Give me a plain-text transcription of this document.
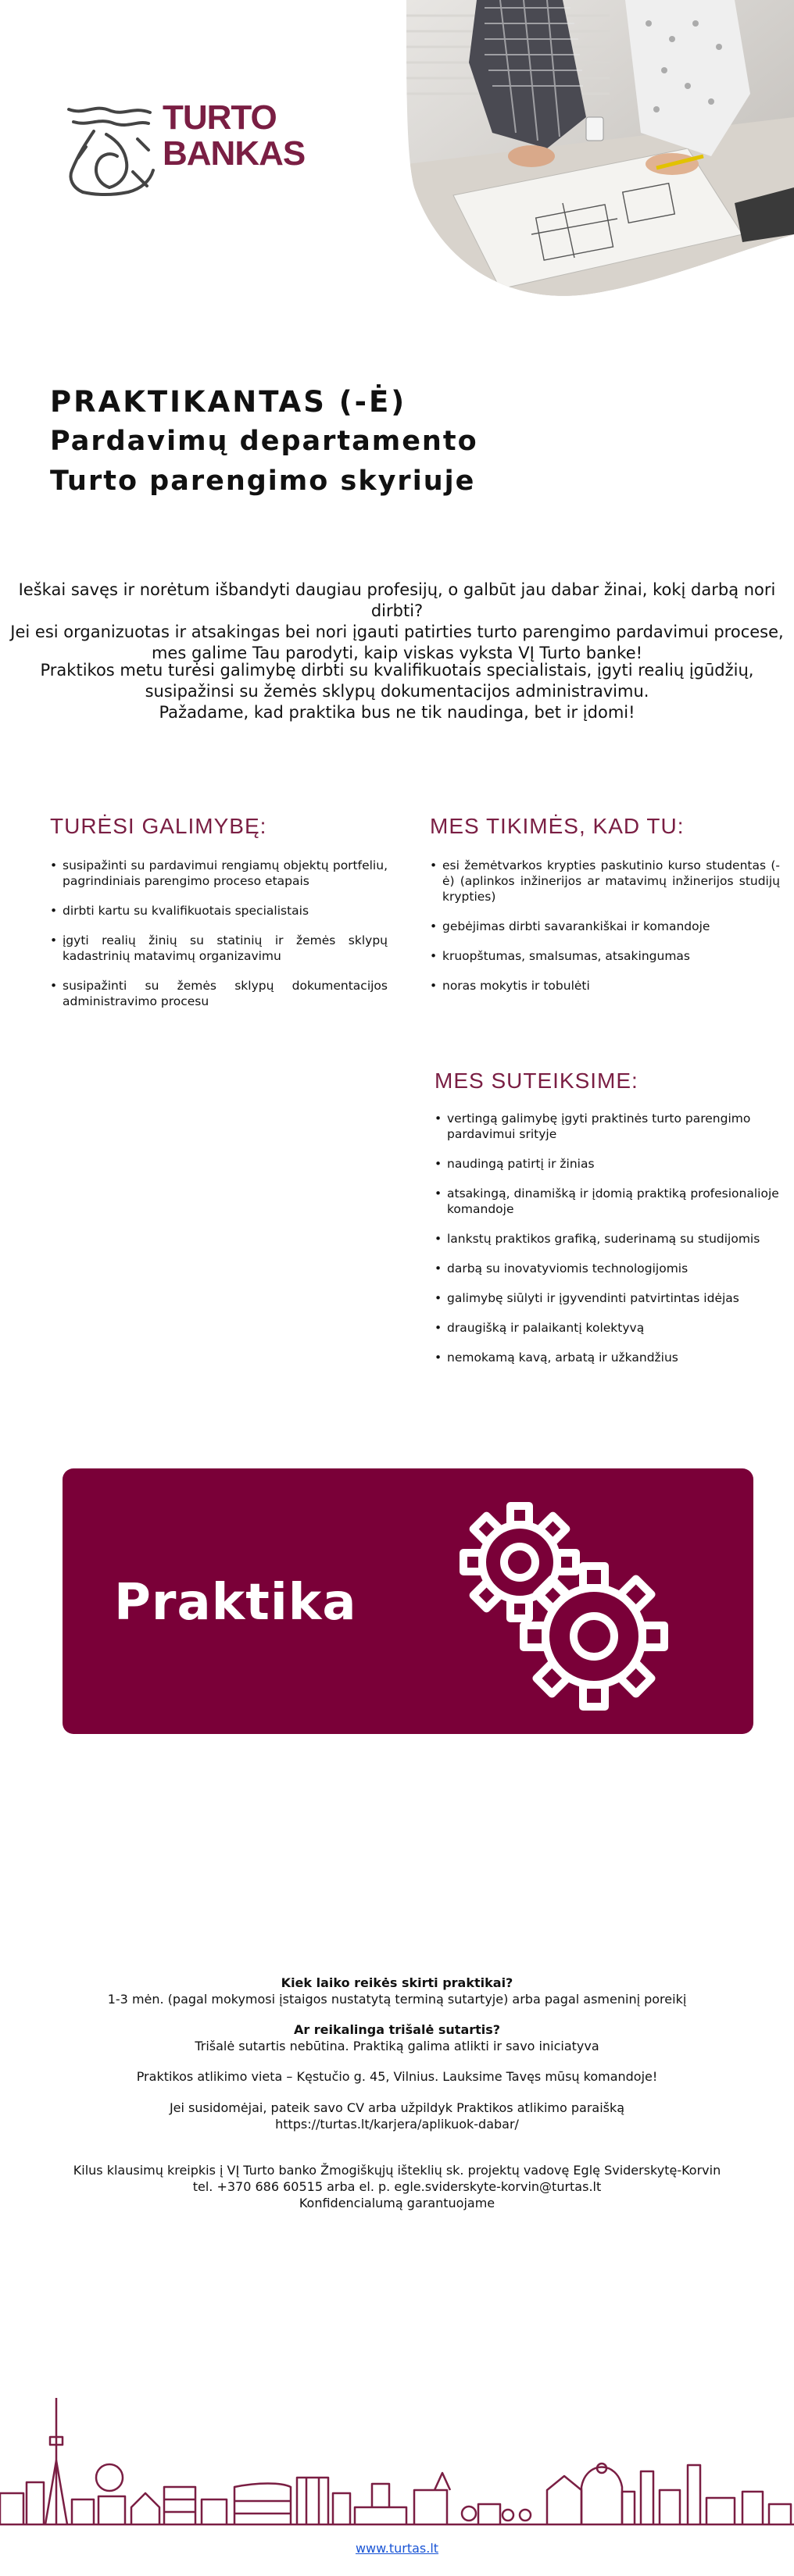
TURTO
BANKAS
PRAKTIKANTAS (-Ė)
Pardavimų departamento
Turto parengimo skyriuje
Ieškai savęs ir norėtum išbandyti daugiau profesijų, o galbūt jau dabar žinai, kokį darbą nori dirbti?
Jei esi organizuotas ir atsakingas bei nori įgauti patirties turto parengimo pardavimui procese,
mes galime Tau parodyti, kaip viskas vyksta VĮ Turto banke!
Praktikos metu turėsi galimybę dirbti su kvalifikuotais specialistais, įgyti realių įgūdžių,
susipažinsi su žemės sklypų dokumentacijos administravimu.
Pažadame, kad praktika bus ne tik naudinga, bet ir įdomi!
TURĖSI GALIMYBĘ:
• susipažinti su pardavimui rengiamų objektų portfeliu, pagrindiniais parengimo proceso etapais
• dirbti kartu su kvalifikuotais specialistais
• įgyti realių žinių su statinių ir žemės sklypų kadastrinių matavimų organizavimu
• susipažinti su žemės sklypų dokumentacijos administravimo procesu
MES TIKIMĖS, KAD TU:
• esi žemėtvarkos krypties paskutinio kurso studentas (-ė) (aplinkos inžinerijos ar matavimų inžinerijos studijų krypties)
• gebėjimas dirbti savarankiškai ir komandoje
• kruopštumas, smalsumas, atsakingumas
• noras mokytis ir tobulėti
MES SUTEIKSIME:
• vertingą galimybę įgyti praktinės turto parengimo pardavimui srityje
• naudingą patirtį ir žinias
• atsakingą, dinamišką ir įdomią praktiką profesionalioje komandoje
• lankstų praktikos grafiką, suderinamą su studijomis
• darbą su inovatyviomis technologijomis
• galimybę siūlyti ir įgyvendinti patvirtintas idėjas
• draugišką ir palaikantį kolektyvą
• nemokamą kavą, arbatą ir užkandžius
Praktika
Kiek laiko reikės skirti praktikai?
1-3 mėn. (pagal mokymosi įstaigos nustatytą terminą sutartyje) arba pagal asmeninį poreikį
Ar reikalinga trišalė sutartis?
Trišalė sutartis nebūtina. Praktiką galima atlikti ir savo iniciatyva
Praktikos atlikimo vieta – Kęstučio g. 45, Vilnius. Lauksime Tavęs mūsų komandoje!
Jei susidomėjai, pateik savo CV arba užpildyk Praktikos atlikimo paraišką
https://turtas.lt/karjera/aplikuok-dabar/
Kilus klausimų kreipkis į VĮ Turto banko Žmogiškųjų išteklių sk. projektų vadovę Eglę Sviderskytę-Korvin
tel. +370 686 60515 arba el. p. egle.sviderskyte-korvin@turtas.lt
Konfidencialumą garantuojame
www.turtas.lt
